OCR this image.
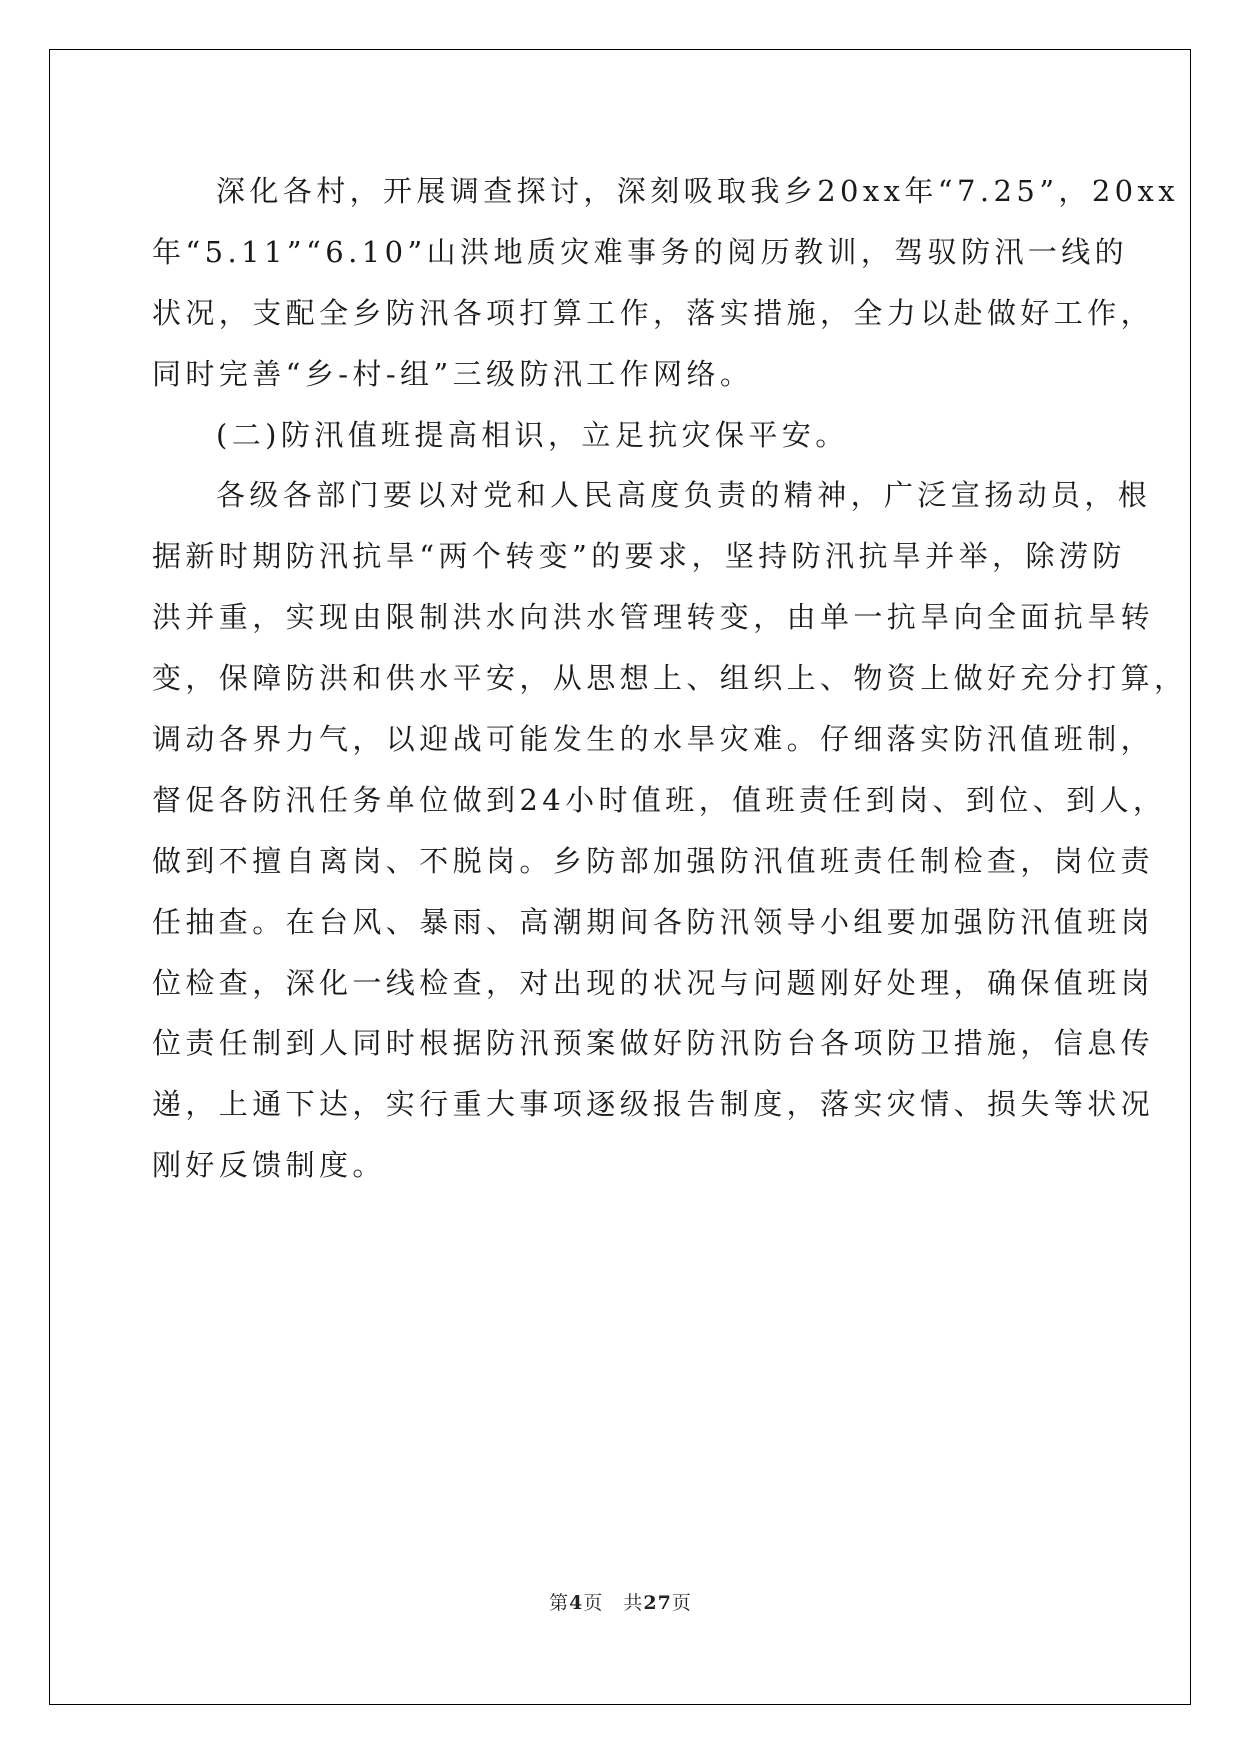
深化各村，开展调查探讨，深刻吸取我乡20xx年“7.25”，20xx
年“5.11”“6.10”山洪地质灾难事务的阅历教训，驾驭防汛一线的
状况，支配全乡防汛各项打算工作，落实措施，全力以赴做好工作，
同时完善“乡-村-组”三级防汛工作网络。
(二)防汛值班提高相识，立足抗灾保平安。
各级各部门要以对党和人民高度负责的精神，广泛宣扬动员，根
据新时期防汛抗旱“两个转变”的要求，坚持防汛抗旱并举，除涝防
洪并重，实现由限制洪水向洪水管理转变，由单一抗旱向全面抗旱转
变，保障防洪和供水平安，从思想上、组织上、物资上做好充分打算，
调动各界力气，以迎战可能发生的水旱灾难。仔细落实防汛值班制，
督促各防汛任务单位做到24小时值班，值班责任到岗、到位、到人，
做到不擅自离岗、不脱岗。乡防部加强防汛值班责任制检查，岗位责
任抽查。在台风、暴雨、高潮期间各防汛领导小组要加强防汛值班岗
位检查，深化一线检查，对出现的状况与问题刚好处理，确保值班岗
位责任制到人同时根据防汛预案做好防汛防台各项防卫措施，信息传
递，上通下达，实行重大事项逐级报告制度，落实灾情、损失等状况
刚好反馈制度。
第4页 共27页
